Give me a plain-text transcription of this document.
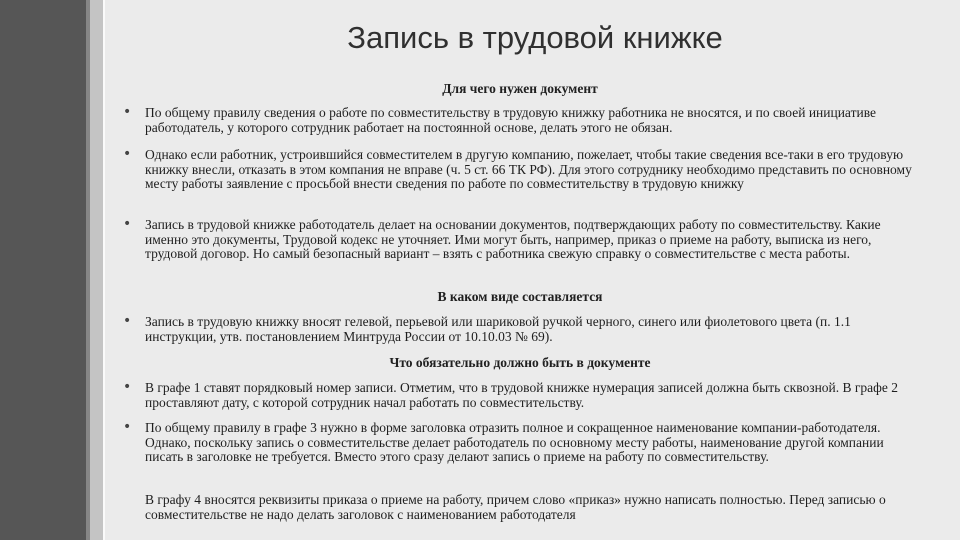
Запись в трудовой книжке
Для чего нужен документ
• По общему правилу сведения о работе по совместительству в трудовую книжку работника не вносятся, и по своей инициативе работодатель, у которого сотрудник работает на постоянной основе, делать этого не обязан.
• Однако если работник, устроившийся совместителем в другую компанию, пожелает, чтобы такие сведения все-таки в его трудовую книжку внесли, отказать в этом компания не вправе (ч. 5 ст. 66 ТК РФ). Для этого сотруднику необходимо представить по основному месту работы заявление с просьбой внести сведения по работе по совместительству в трудовую книжку
• Запись в трудовой книжке работодатель делает на основании документов, подтверждающих работу по совместительству. Какие именно это документы, Трудовой кодекс не уточняет. Ими могут быть, например, приказ о приеме на работу, выписка из него, трудовой договор. Но самый безопасный вариант – взять с работника свежую справку о совместительстве с места работы.
В каком виде составляется
• Запись в трудовую книжку вносят гелевой, перьевой или шариковой ручкой черного, синего или фиолетового цвета (п. 1.1 инструкции, утв. постановлением Минтруда России от 10.10.03 № 69).
Что обязательно должно быть в документе
• В графе 1 ставят порядковый номер записи. Отметим, что в трудовой книжке нумерация записей должна быть сквозной. В графе 2 проставляют дату, с которой сотрудник начал работать по совместительству.
• По общему правилу в графе 3 нужно в форме заголовка отразить полное и сокращенное наименование компании-работодателя. Однако, поскольку запись о совместительстве делает работодатель по основному месту работы, наименование другой компании писать в заголовке не требуется. Вместо этого сразу делают запись о приеме на работу по совместительству.
В графу 4 вносятся реквизиты приказа о приеме на работу, причем слово «приказ» нужно написать полностью. Перед записью о совместительстве не надо делать заголовок с наименованием работодателя
